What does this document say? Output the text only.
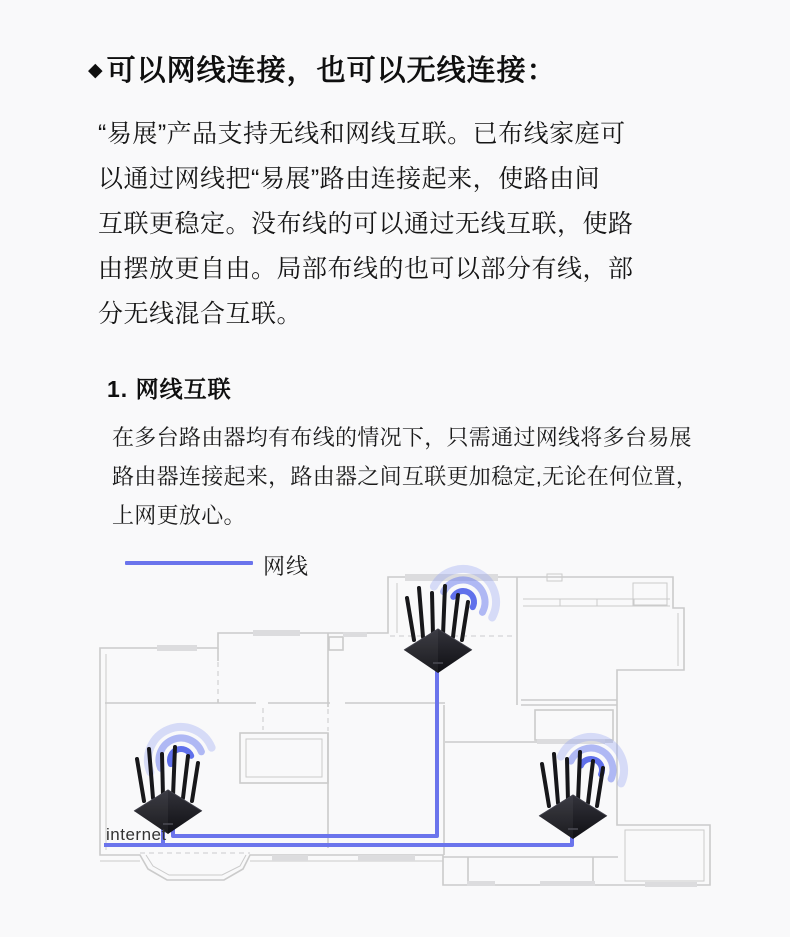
◆ 可以网线连接，也可以无线连接：
“易展”产品支持无线和网线互联。已布线家庭可
以通过网线把“易展”路由连接起来，使路由间
互联更稳定。没布线的可以通过无线互联，使路
由摆放更自由。局部布线的也可以部分有线，部
分无线混合互联。
1. 网线互联
在多台路由器均有布线的情况下，只需通过网线将多台易展
路由器连接起来，路由器之间互联更加稳定,无论在何位置，
上网更放心。
网线
internet
